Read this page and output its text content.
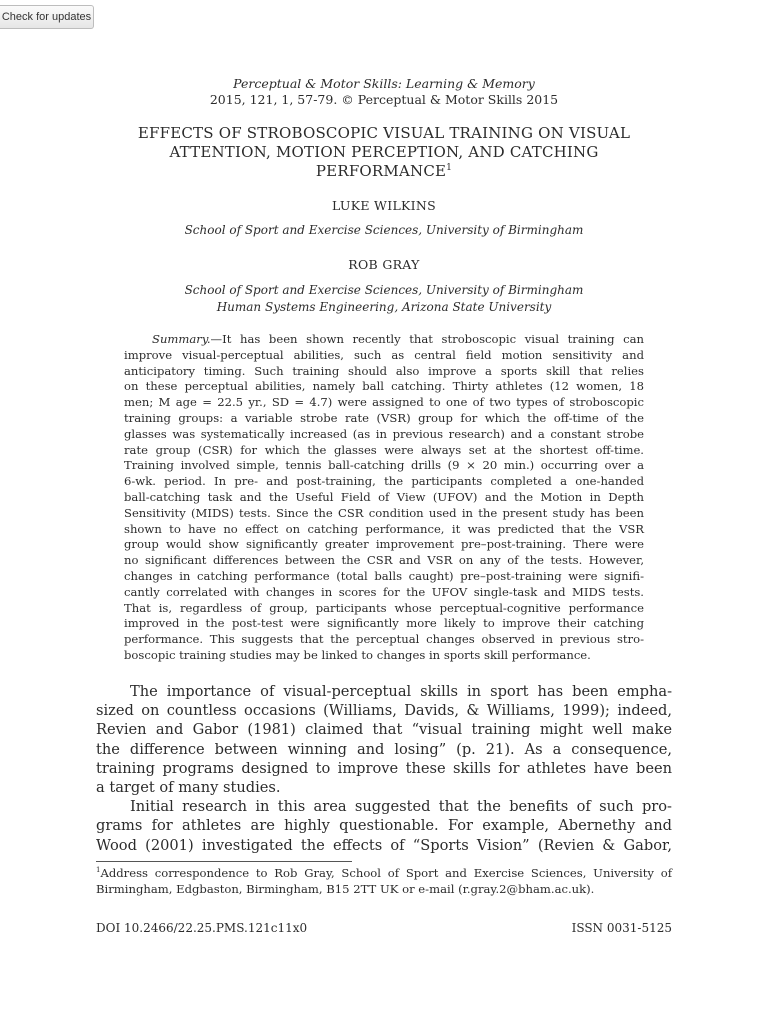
Check for updates
Perceptual & Motor Skills: Learning & Memory
2015, 121, 1, 57-79. © Perceptual & Motor Skills 2015
EFFECTS OF STROBOSCOPIC VISUAL TRAINING ON VISUAL
ATTENTION, MOTION PERCEPTION, AND CATCHING
PERFORMANCE$^1$
LUKE WILKINS
School of Sport and Exercise Sciences, University of Birmingham
ROB GRAY
School of Sport and Exercise Sciences, University of Birmingham
Human Systems Engineering, Arizona State University
Summary.—It has been shown recently that stroboscopic visual training can
improve visual-perceptual abilities, such as central field motion sensitivity and
anticipatory timing. Such training should also improve a sports skill that relies
on these perceptual abilities, namely ball catching. Thirty athletes (12 women, 18
men; M age = 22.5 yr., SD = 4.7) were assigned to one of two types of stroboscopic
training groups: a variable strobe rate (VSR) group for which the off-time of the
glasses was systematically increased (as in previous research) and a constant strobe
rate group (CSR) for which the glasses were always set at the shortest off-time.
Training involved simple, tennis ball-catching drills (9 × 20 min.) occurring over a
6-wk. period. In pre- and post-training, the participants completed a one-handed
ball-catching task and the Useful Field of View (UFOV) and the Motion in Depth
Sensitivity (MIDS) tests. Since the CSR condition used in the present study has been
shown to have no effect on catching performance, it was predicted that the VSR
group would show significantly greater improvement pre–post-training. There were
no significant differences between the CSR and VSR on any of the tests. However,
changes in catching performance (total balls caught) pre–post-training were signifi-
cantly correlated with changes in scores for the UFOV single-task and MIDS tests.
That is, regardless of group, participants whose perceptual-cognitive performance
improved in the post-test were significantly more likely to improve their catching
performance. This suggests that the perceptual changes observed in previous stro-
boscopic training studies may be linked to changes in sports skill performance.
The importance of visual-perceptual skills in sport has been empha-
sized on countless occasions (Williams, Davids, & Williams, 1999); indeed,
Revien and Gabor (1981) claimed that “visual training might well make
the difference between winning and losing” (p. 21). As a consequence,
training programs designed to improve these skills for athletes have been
a target of many studies.
Initial research in this area suggested that the benefits of such pro-
grams for athletes are highly questionable. For example, Abernethy and
Wood (2001) investigated the effects of “Sports Vision” (Revien & Gabor,
$^1$Address correspondence to Rob Gray, School of Sport and Exercise Sciences, University of
Birmingham, Edgbaston, Birmingham, B15 2TT UK or e-mail (r.gray.2@bham.ac.uk).
DOI 10.2466/22.25.PMS.121c11x0	ISSN 0031-5125
